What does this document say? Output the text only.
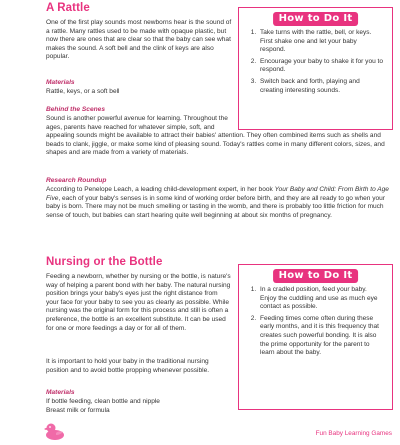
A Rattle

One of the first play sounds most newborns hear is the sound of a rattle. Many rattles used to be made with opaque plastic, but now there are ones that are clear so that the baby can see what makes the sound. A soft bell and the clink of keys are also popular.

Materials

Rattle, keys, or a soft bell

Behind the Scenes

Sound is another powerful avenue for learning. Throughout the ages, parents have reached for whatever simple, soft, and

appealing sounds might be available to attract their babies' attention. They often combined items such as shells and beads to clank, jiggle, or make some kind of pleasing sound. Today's rattles come in many different colors, sizes, and shapes and are made from a variety of materials.

Research Roundup

According to Penelope Leach, a leading child-development expert, in her book Your Baby and Child: From Birth to Age Five, each of your baby's senses is in some kind of working order before birth, and they are all ready to go when your baby is born. There may not be much smelling or tasting in the womb, and there is probably too little friction for much sense of touch, but babies can start hearing quite well beginning at about six months of pregnancy.

How to Do It
1. Take turns with the rattle, bell, or keys. First shake one and let your baby respond.
2. Encourage your baby to shake it for you to respond.
3. Switch back and forth, playing and creating interesting sounds.
Nursing or the Bottle

Feeding a newborn, whether by nursing or the bottle, is nature's way of helping a parent bond with her baby. The natural nursing position brings your baby's eyes just the right distance from your face for your baby to see you as clearly as possible. While nursing was the original form for this process and still is often a preference, the bottle is an excellent substitute. It can be used for one or more feedings a day or for all of them.

It is important to hold your baby in the traditional nursing position and to avoid bottle propping whenever possible.

Materials

If bottle feeding, clean bottle and nipple

Breast milk or formula

How to Do It
1. In a cradled position, feed your baby. Enjoy the cuddling and use as much eye contact as possible.
2. Feeding times come often during these early months, and it is this frequency that creates such powerful bonding. It is also the prime opportunity for the parent to learn about the baby.
Fun Baby Learning Games
